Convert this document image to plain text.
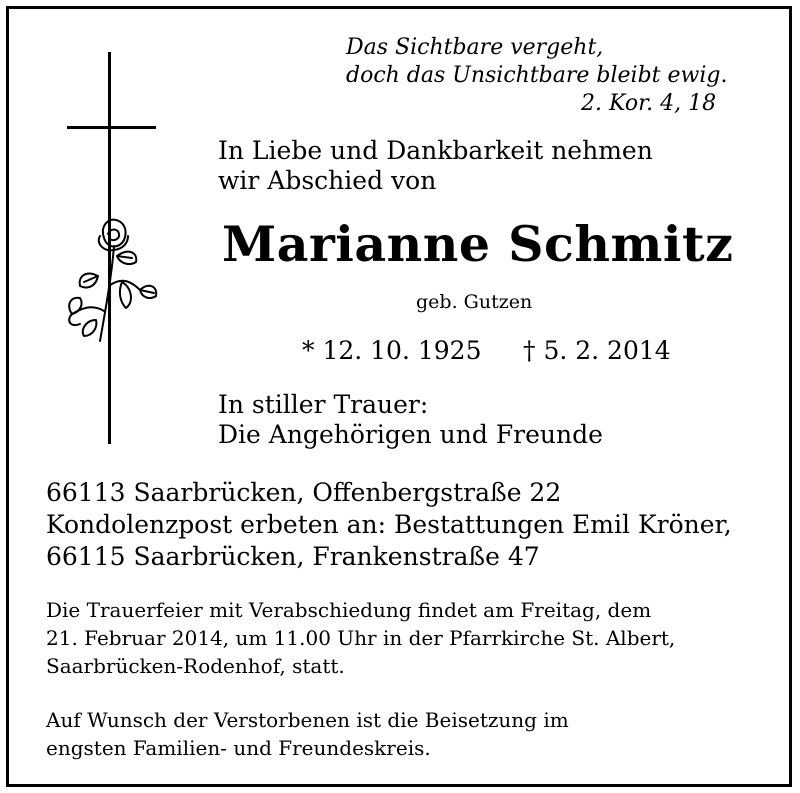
Das Sichtbare vergeht,
doch das Unsichtbare bleibt ewig.
2. Kor. 4, 18
In Liebe und Dankbarkeit nehmen
wir Abschied von
Marianne Schmitz
geb. Gutzen
* 12. 10. 1925 † 5. 2. 2014
In stiller Trauer:
Die Angehörigen und Freunde
66113 Saarbrücken, Offenbergstraße 22
Kondolenzpost erbeten an: Bestattungen Emil Kröner,
66115 Saarbrücken, Frankenstraße 47
Die Trauerfeier mit Verabschiedung findet am Freitag, dem
21. Februar 2014, um 11.00 Uhr in der Pfarrkirche St. Albert,
Saarbrücken-Rodenhof, statt.
Auf Wunsch der Verstorbenen ist die Beisetzung im
engsten Familien- und Freundeskreis.
